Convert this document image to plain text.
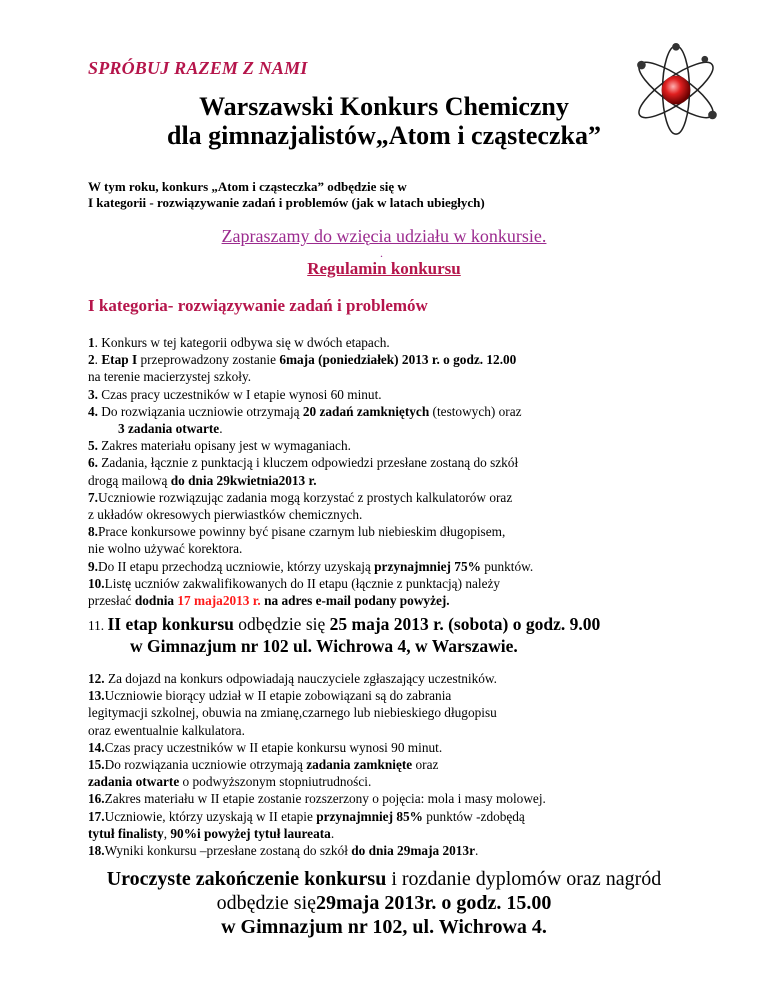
SPRÓBUJ RAZEM Z NAMI
Warszawski Konkurs Chemiczny
dla gimnazjalistów„Atom i cząsteczka”
W tym roku, konkurs „Atom i cząsteczka” odbędzie się w
I kategorii - rozwiązywanie zadań i problemów (jak w latach ubiegłych)
Zapraszamy do wzięcia udziału w konkursie.
.
Regulamin konkursu
I kategoria- rozwiązywanie zadań i problemów
1. Konkurs w tej kategorii odbywa się w dwóch etapach.
2. Etap I przeprowadzony zostanie 6maja (poniedziałek) 2013 r. o godz. 12.00
na terenie macierzystej szkoły.
3. Czas pracy uczestników w I etapie wynosi 60 minut.
4. Do rozwiązania uczniowie otrzymają 20 zadań zamkniętych (testowych) oraz
3 zadania otwarte.
5. Zakres materiału opisany jest w wymaganiach.
6. Zadania, łącznie z punktacją i kluczem odpowiedzi przesłane zostaną do szkół
drogą mailową do dnia 29kwietnia2013 r.
7.Uczniowie rozwiązując zadania mogą korzystać z prostych kalkulatorów oraz
z układów okresowych pierwiastków chemicznych.
8.Prace konkursowe powinny być pisane czarnym lub niebieskim długopisem,
nie wolno używać korektora.
9.Do II etapu przechodzą uczniowie, którzy uzyskają przynajmniej 75% punktów.
10.Listę uczniów zakwalifikowanych do II etapu (łącznie z punktacją) należy
przesłać dodnia 17 maja2013 r. na adres e-mail podany powyżej.
11. II etap konkursu odbędzie się 25 maja 2013 r. (sobota) o godz. 9.00
w Gimnazjum nr 102 ul. Wichrowa 4, w Warszawie.
12. Za dojazd na konkurs odpowiadają nauczyciele zgłaszający uczestników.
13.Uczniowie biorący udział w II etapie zobowiązani są do zabrania
legitymacji szkolnej, obuwia na zmianę,czarnego lub niebieskiego długopisu
oraz ewentualnie kalkulatora.
14.Czas pracy uczestników w II etapie konkursu wynosi 90 minut.
15.Do rozwiązania uczniowie otrzymają zadania zamknięte oraz
zadania otwarte o podwyższonym stopniutrudności.
16.Zakres materiału w II etapie zostanie rozszerzony o pojęcia: mola i masy molowej.
17.Uczniowie, którzy uzyskają w II etapie przynajmniej 85% punktów -zdobędą
tytuł finalisty, 90%i powyżej tytuł laureata.
18.Wyniki konkursu –przesłane zostaną do szkół do dnia 29maja 2013r.
Uroczyste zakończenie konkursu i rozdanie dyplomów oraz nagród
odbędzie się29maja 2013r. o godz. 15.00
w Gimnazjum nr 102, ul. Wichrowa 4.
